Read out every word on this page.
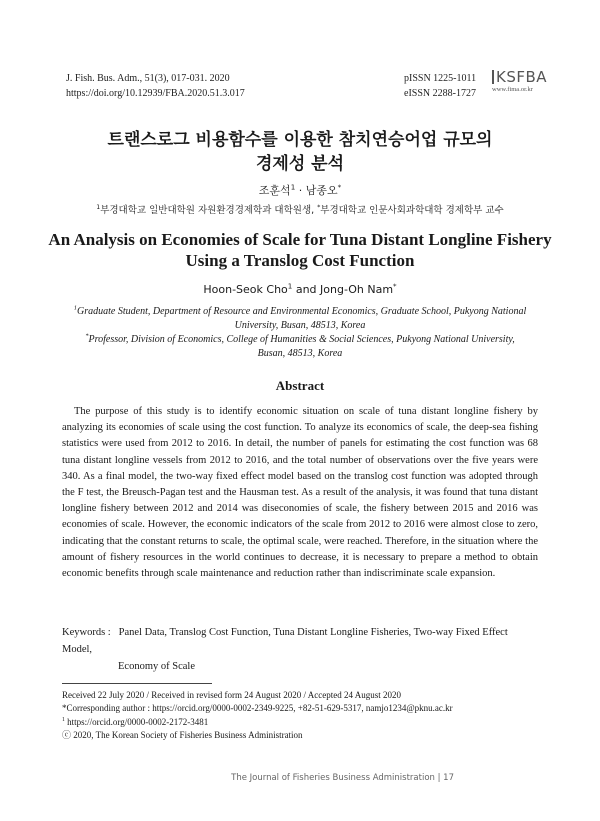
J. Fish. Bus. Adm., 51(3), 017-031. 2020
https://doi.org/10.12939/FBA.2020.51.3.017
pISSN 1225-1011
eISSN 2288-1727
KSFBA
www.fima.or.kr
트랜스로그 비용함수를 이용한 참치연승어업 규모의
경제성 분석
조훈석$^1$ · 남종오*
$^1$부경대학교 일반대학원 자원환경경제학과 대학원생, *부경대학교 인문사회과학대학 경제학부 교수
An Analysis on Economies of Scale for Tuna Distant Longline Fishery
Using a Translog Cost Function
Hoon-Seok Cho$^1$ and Jong-Oh Nam*
$^1$Graduate Student, Department of Resource and Environmental Economics, Graduate School, Pukyong National University, Busan, 48513, Korea
*Professor, Division of Economics, College of Humanities & Social Sciences, Pukyong National University, Busan, 48513, Korea
Abstract
The purpose of this study is to identify economic situation on scale of tuna distant longline fishery by analyzing its economies of scale using the cost function. To analyze its economics of scale, the deep-sea fishing statistics were used from 2012 to 2016. In detail, the number of panels for estimating the cost function was 68 tuna distant longline vessels from 2012 to 2016, and the total number of observations over the five years were 340. As a final model, the two-way fixed effect model based on the translog cost function was adopted through the F test, the Breusch-Pagan test and the Hausman test. As a result of the analysis, it was found that tuna distant longline fishery between 2012 and 2014 was diseconomies of scale, the fishery between 2015 and 2016 was economies of scale. However, the economic indicators of the scale from 2012 to 2016 were almost close to zero, indicating that the constant returns to scale, the optimal scale, were reached. Therefore, in the situation where the amount of fishery resources in the world continues to decrease, it is necessary to prepare a method to obtain economic benefits through scale maintenance and reduction rather than indiscriminate scale expansion.
Keywords : Panel Data, Translog Cost Function, Tuna Distant Longline Fisheries, Two-way Fixed Effect Model,
Economy of Scale
Received 22 July 2020 / Received in revised form 24 August 2020 / Accepted 24 August 2020
*Corresponding author : https://orcid.org/0000-0002-2349-9225, +82-51-629-5317, namjo1234@pknu.ac.kr
$^1$ https://orcid.org/0000-0002-2172-3481
ⓒ 2020, The Korean Society of Fisheries Business Administration
The Journal of Fisheries Business Administration | 17
